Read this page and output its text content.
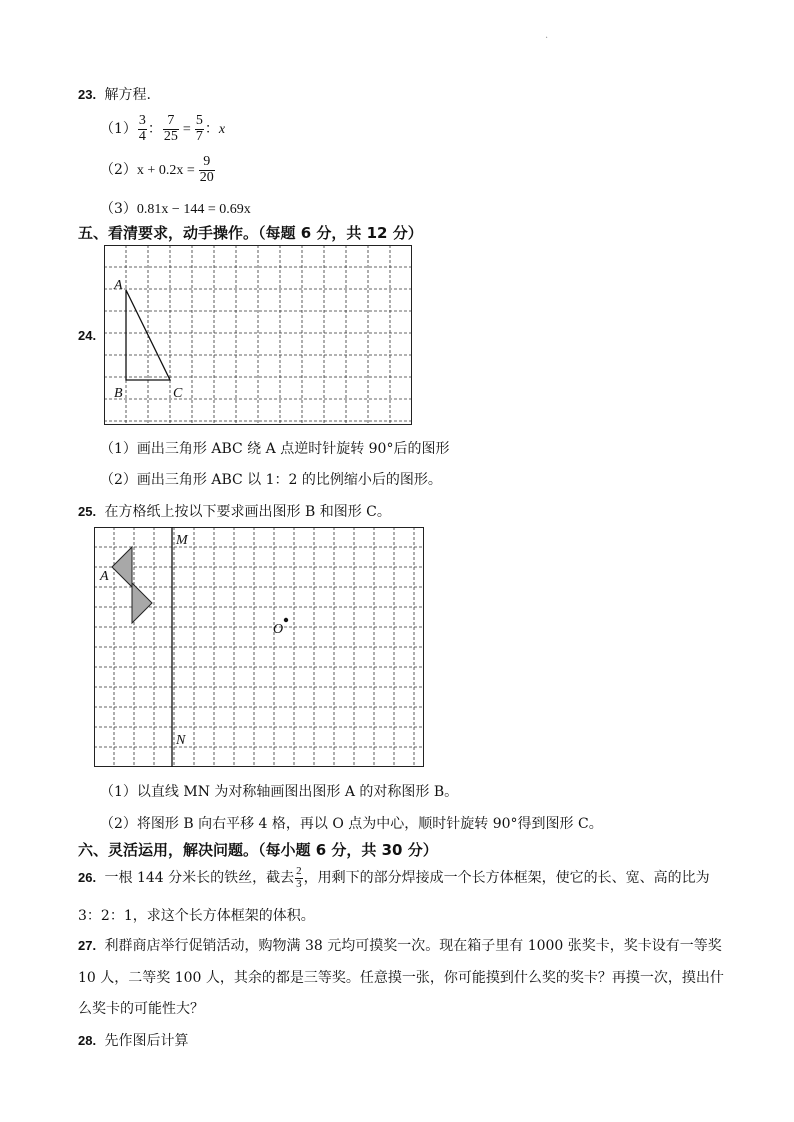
.
23. 解方程.
$(1) \frac{3}{4}$ ： $\frac{7}{25} = \frac{5}{7}$ ：x
$(2)x + 0.2x = \frac{9}{20}$
（3）0.81x − 144 = 0.69x
五、看清要求，动手操作。（每题 6 分，共 12 分）
24.
A
B	C
（1）画出三角形 ABC 绕 A 点逆时针旋转 90°后的图形
（2）画出三角形 ABC 以 1：2 的比例缩小后的图形。
25. 在方格纸上按以下要求画出图形 B 和图形 C。
M
N
A
O
（1）以直线 MN 为对称轴画图出图形 A 的对称图形 B。
（2）将图形 B 向右平移 4 格，再以 O 点为中心，顺时针旋转 90°得到图形 C。
六、灵活运用，解决问题。（每小题 6 分，共 30 分）
26. 一根 144 分米长的铁丝，截去 $\frac{2}{3}$ ，用剩下的部分焊接成一个长方体框架，使它的长、宽、高的比为
3：2：1，求这个长方体框架的体积。
27. 利群商店举行促销活动，购物满 38 元均可摸奖一次。现在箱子里有 1000 张奖卡，奖卡设有一等奖
10 人，二等奖 100 人，其余的都是三等奖。任意摸一张，你可能摸到什么奖的奖卡？再摸一次，摸出什
么奖卡的可能性大？
28. 先作图后计算
